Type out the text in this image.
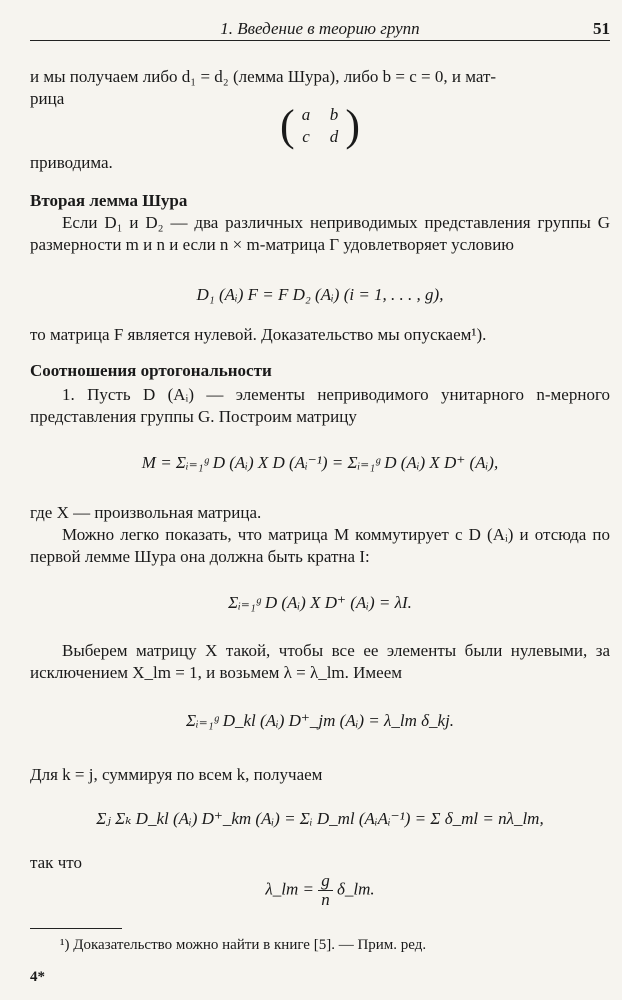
1. Введение в теорию групп	51
и мы получаем либо d₁ = d₂ (лемма Шура), либо b = c = 0, и мат-
рица
( a b
c d )
приводима.
Вторая лемма Шура
Если D₁ и D₂ — два различных неприводимых представления группы G размерности m и n и если n × m-матрица Γ удовлетворяет условию
D₁ (Aᵢ) F = F D₂ (Aᵢ) (i = 1, . . . , g),
то матрица F является нулевой. Доказательство мы опускаем¹).
Соотношения ортогональности
1. Пусть D (Aᵢ) — элементы неприводимого унитарного n-мерного представления группы G. Построим матрицу
M = Σᵢ₌₁ᵍ D (Aᵢ) X D (Aᵢ⁻¹) = Σᵢ₌₁ᵍ D (Aᵢ) X D⁺ (Aᵢ),
где X — произвольная матрица.
Можно легко показать, что матрица M коммутирует с D (Aᵢ) и отсюда по первой лемме Шура она должна быть кратна I:
Σᵢ₌₁ᵍ D (Aᵢ) X D⁺ (Aᵢ) = λI.
Выберем матрицу X такой, чтобы все ее элементы были нулевыми, за исключением X_lm = 1, и возьмем λ = λ_lm. Имеем
Σᵢ₌₁ᵍ D_kl (Aᵢ) D⁺_jm (Aᵢ) = λ_lm δ_kj.
Для k = j, суммируя по всем k, получаем
Σⱼ Σₖ D_kl (Aᵢ) D⁺_km (Aᵢ) = Σᵢ D_ml (AᵢAᵢ⁻¹) = Σ δ_ml = nλ_lm,
так что
λ_lm = $\frac{g}{n}$ δ_lm.
¹) Доказательство можно найти в книге [5]. — Прим. ред.
4*
